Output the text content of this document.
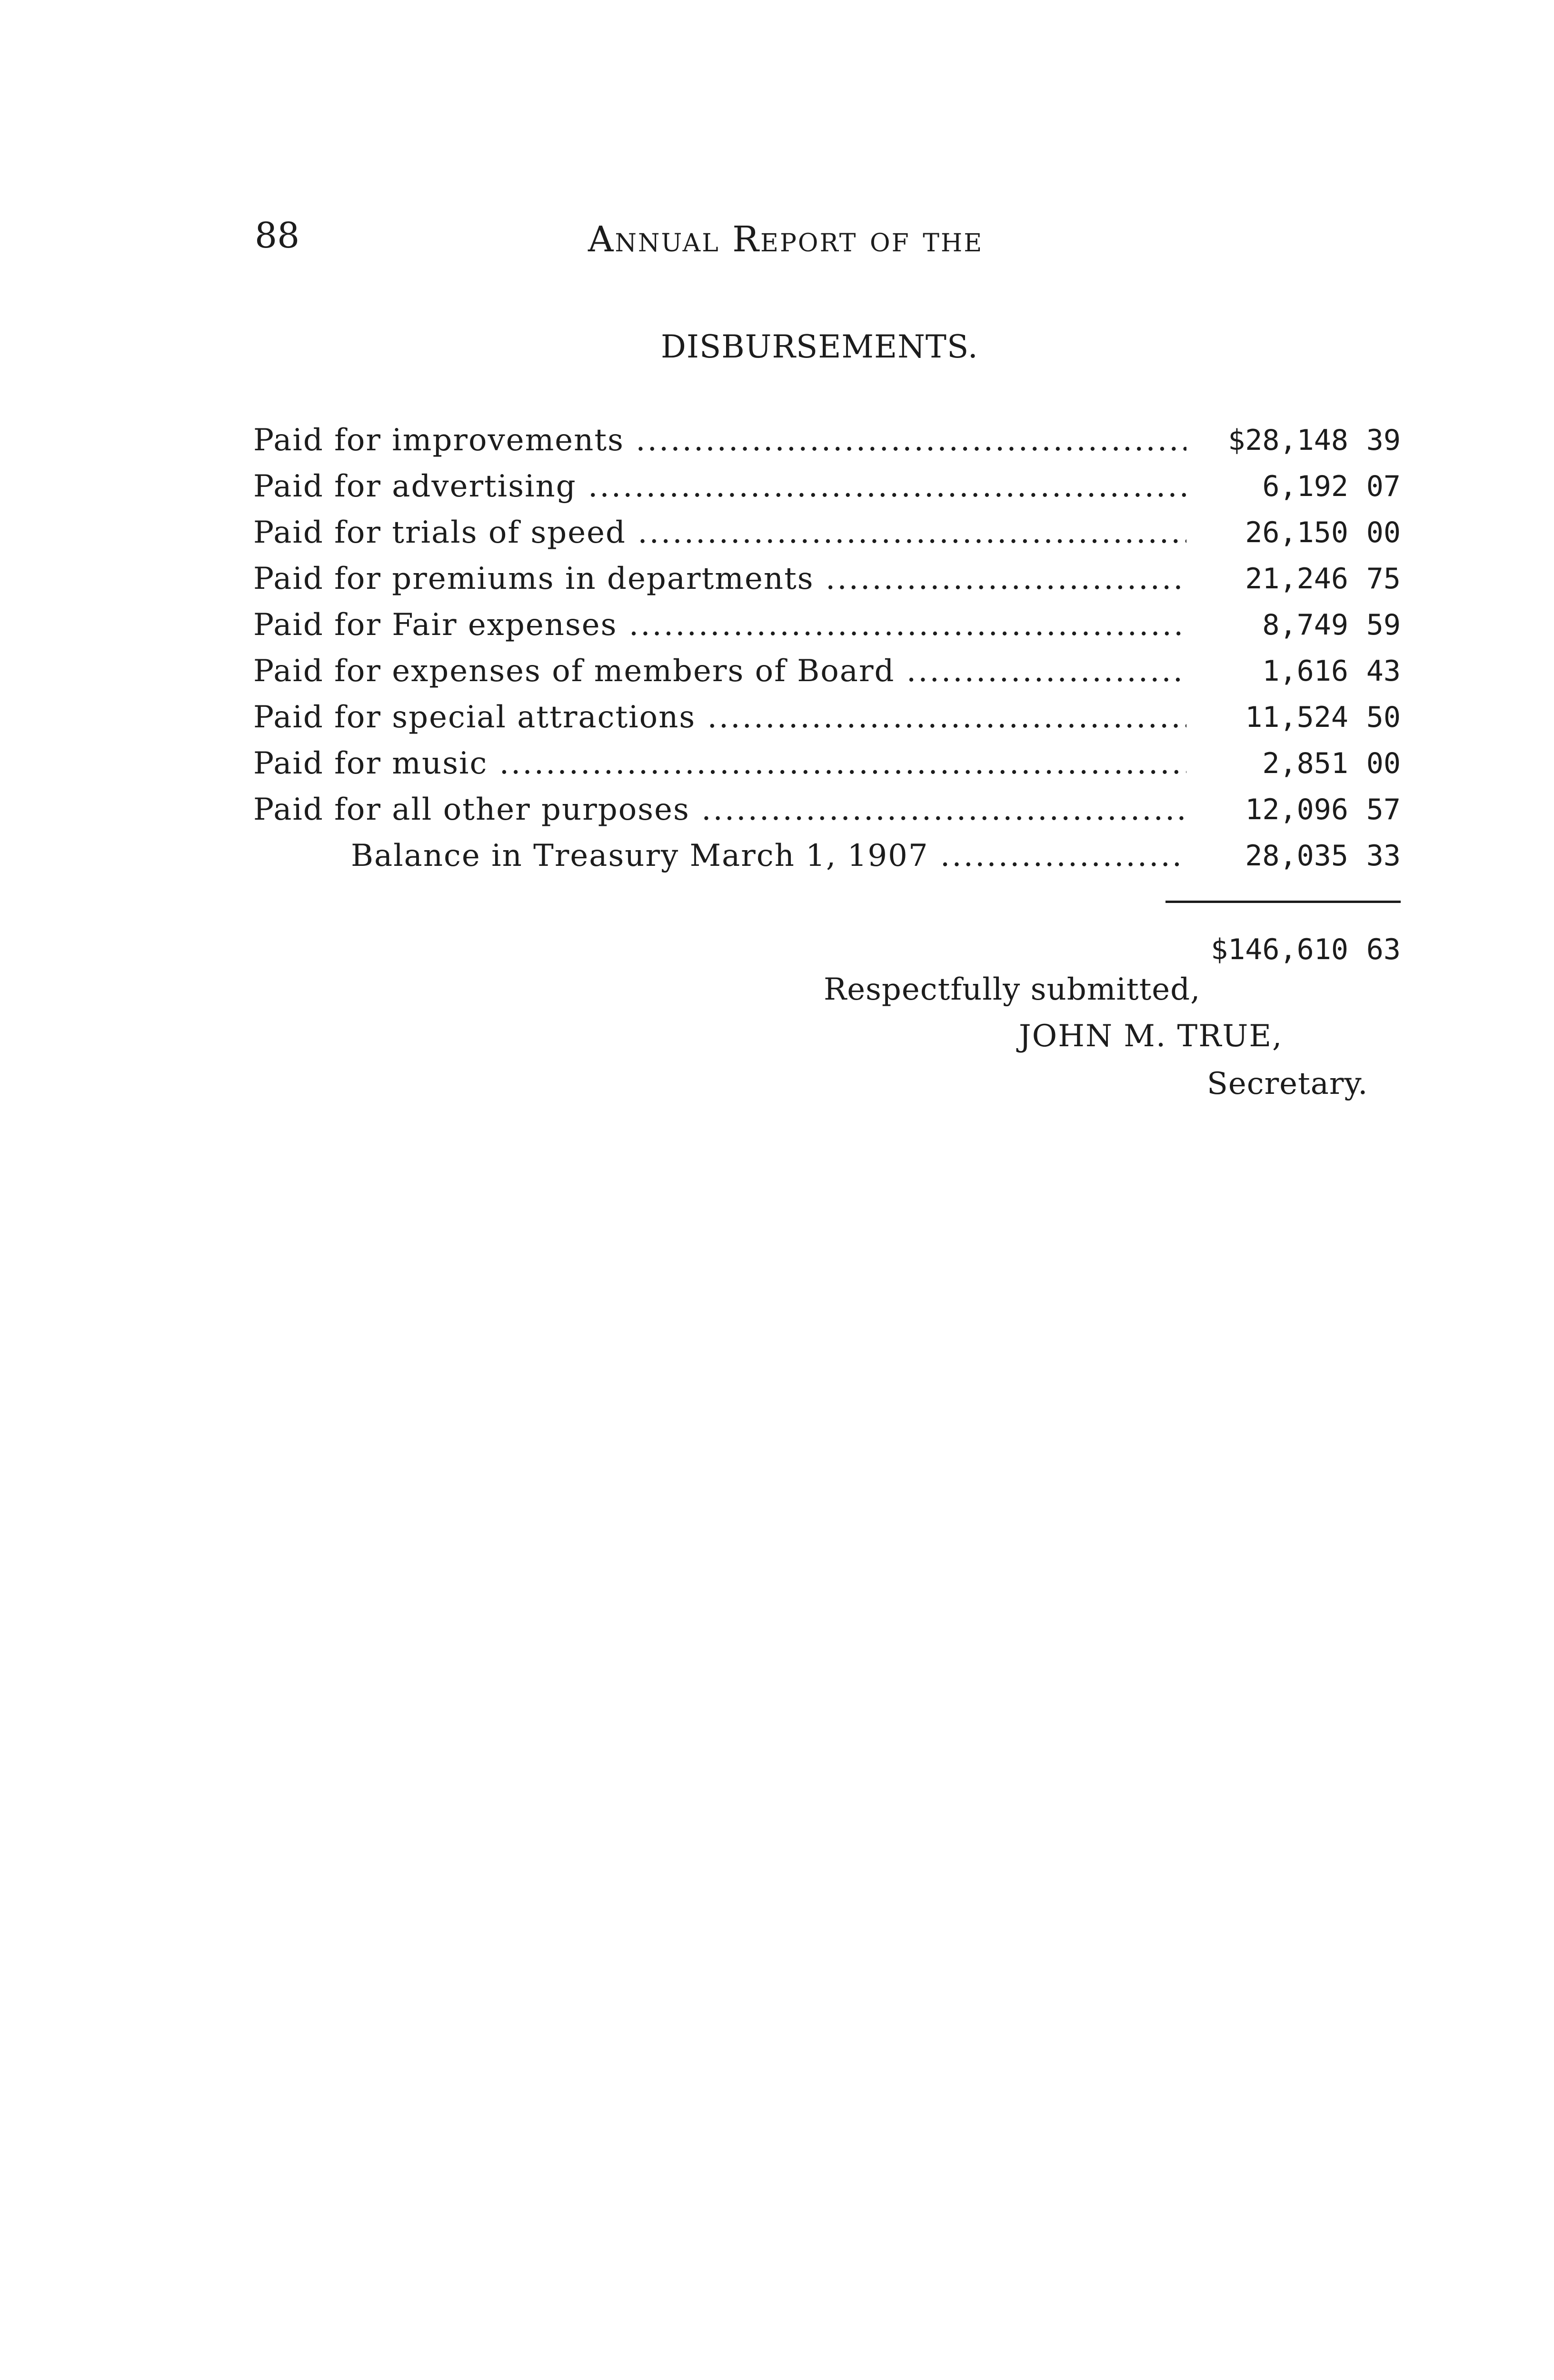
88	Annual Report of the
DISBURSEMENTS.
Paid for improvements .....	$28,148 39
Paid for advertising .....	6,192 07
Paid for trials of speed .....	26,150 00
Paid for premiums in departments .....	21,246 75
Paid for Fair expenses .....	8,749 59
Paid for expenses of members of Board .....	1,616 43
Paid for special attractions .....	11,524 50
Paid for music .....	2,851 00
Paid for all other purposes .....	12,096 57
Balance in Treasury March 1, 1907 .....	28,035 33
$146,610 63
Respectfully submitted,
JOHN M. TRUE,
Secretary.
